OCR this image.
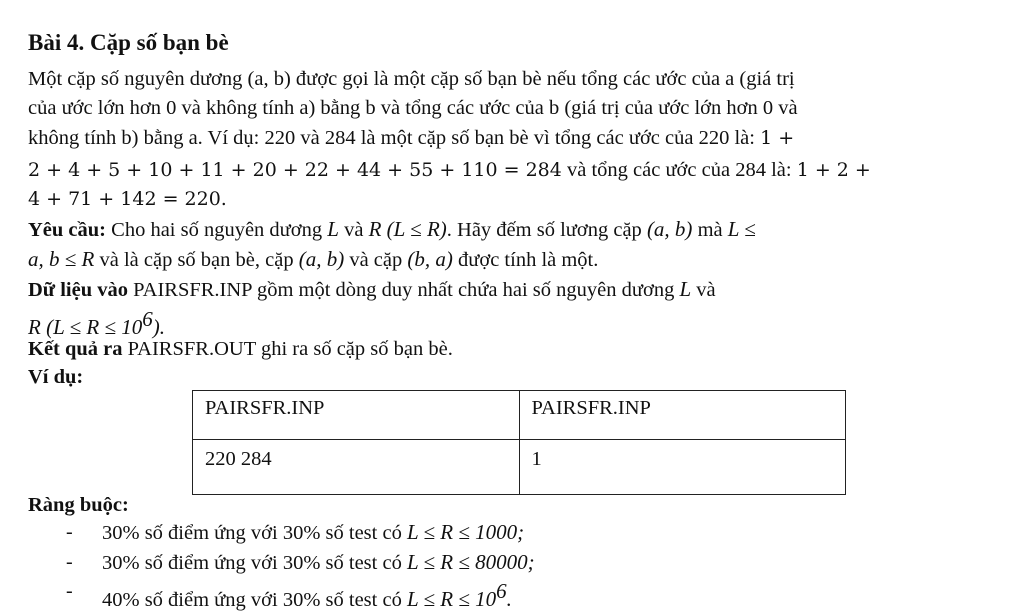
Bài 4. Cặp số bạn bè
Một cặp số nguyên dương (a, b) được gọi là một cặp số bạn bè nếu tổng các ước của a (giá trị
của ước lớn hơn 0 và không tính a) bằng b và tổng các ước của b (giá trị của ước lớn hơn 0 và
không tính b) bằng a. Ví dụ: 220 và 284 là một cặp số bạn bè vì tổng các ước của 220 là: 1 +
2 + 4 + 5 + 10 + 11 + 20 + 22 + 44 + 55 + 110 = 284 và tổng các ước của 284 là: 1 + 2 +
4 + 71 + 142 = 220.
Yêu cầu: Cho hai số nguyên dương L và R (L ≤ R). Hãy đếm số lương cặp (a, b) mà L ≤
a, b ≤ R và là cặp số bạn bè, cặp (a, b) và cặp (b, a) được tính là một.
Dữ liệu vào PAIRSFR.INP gồm một dòng duy nhất chứa hai số nguyên dương L và
R $(L \le R \le 10^6)$.
Kết quả ra PAIRSFR.OUT ghi ra số cặp số bạn bè.
Ví dụ:
PAIRSFR.INP	PAIRSFR.INP
220 284	1
Ràng buộc:
- 30% số điểm ứng với 30% số test có L ≤ R ≤ 1000;
- 30% số điểm ứng với 30% số test có L ≤ R ≤ 80000;
- 40% số điểm ứng với 30% số test có $L \le R \le 10^6$.
